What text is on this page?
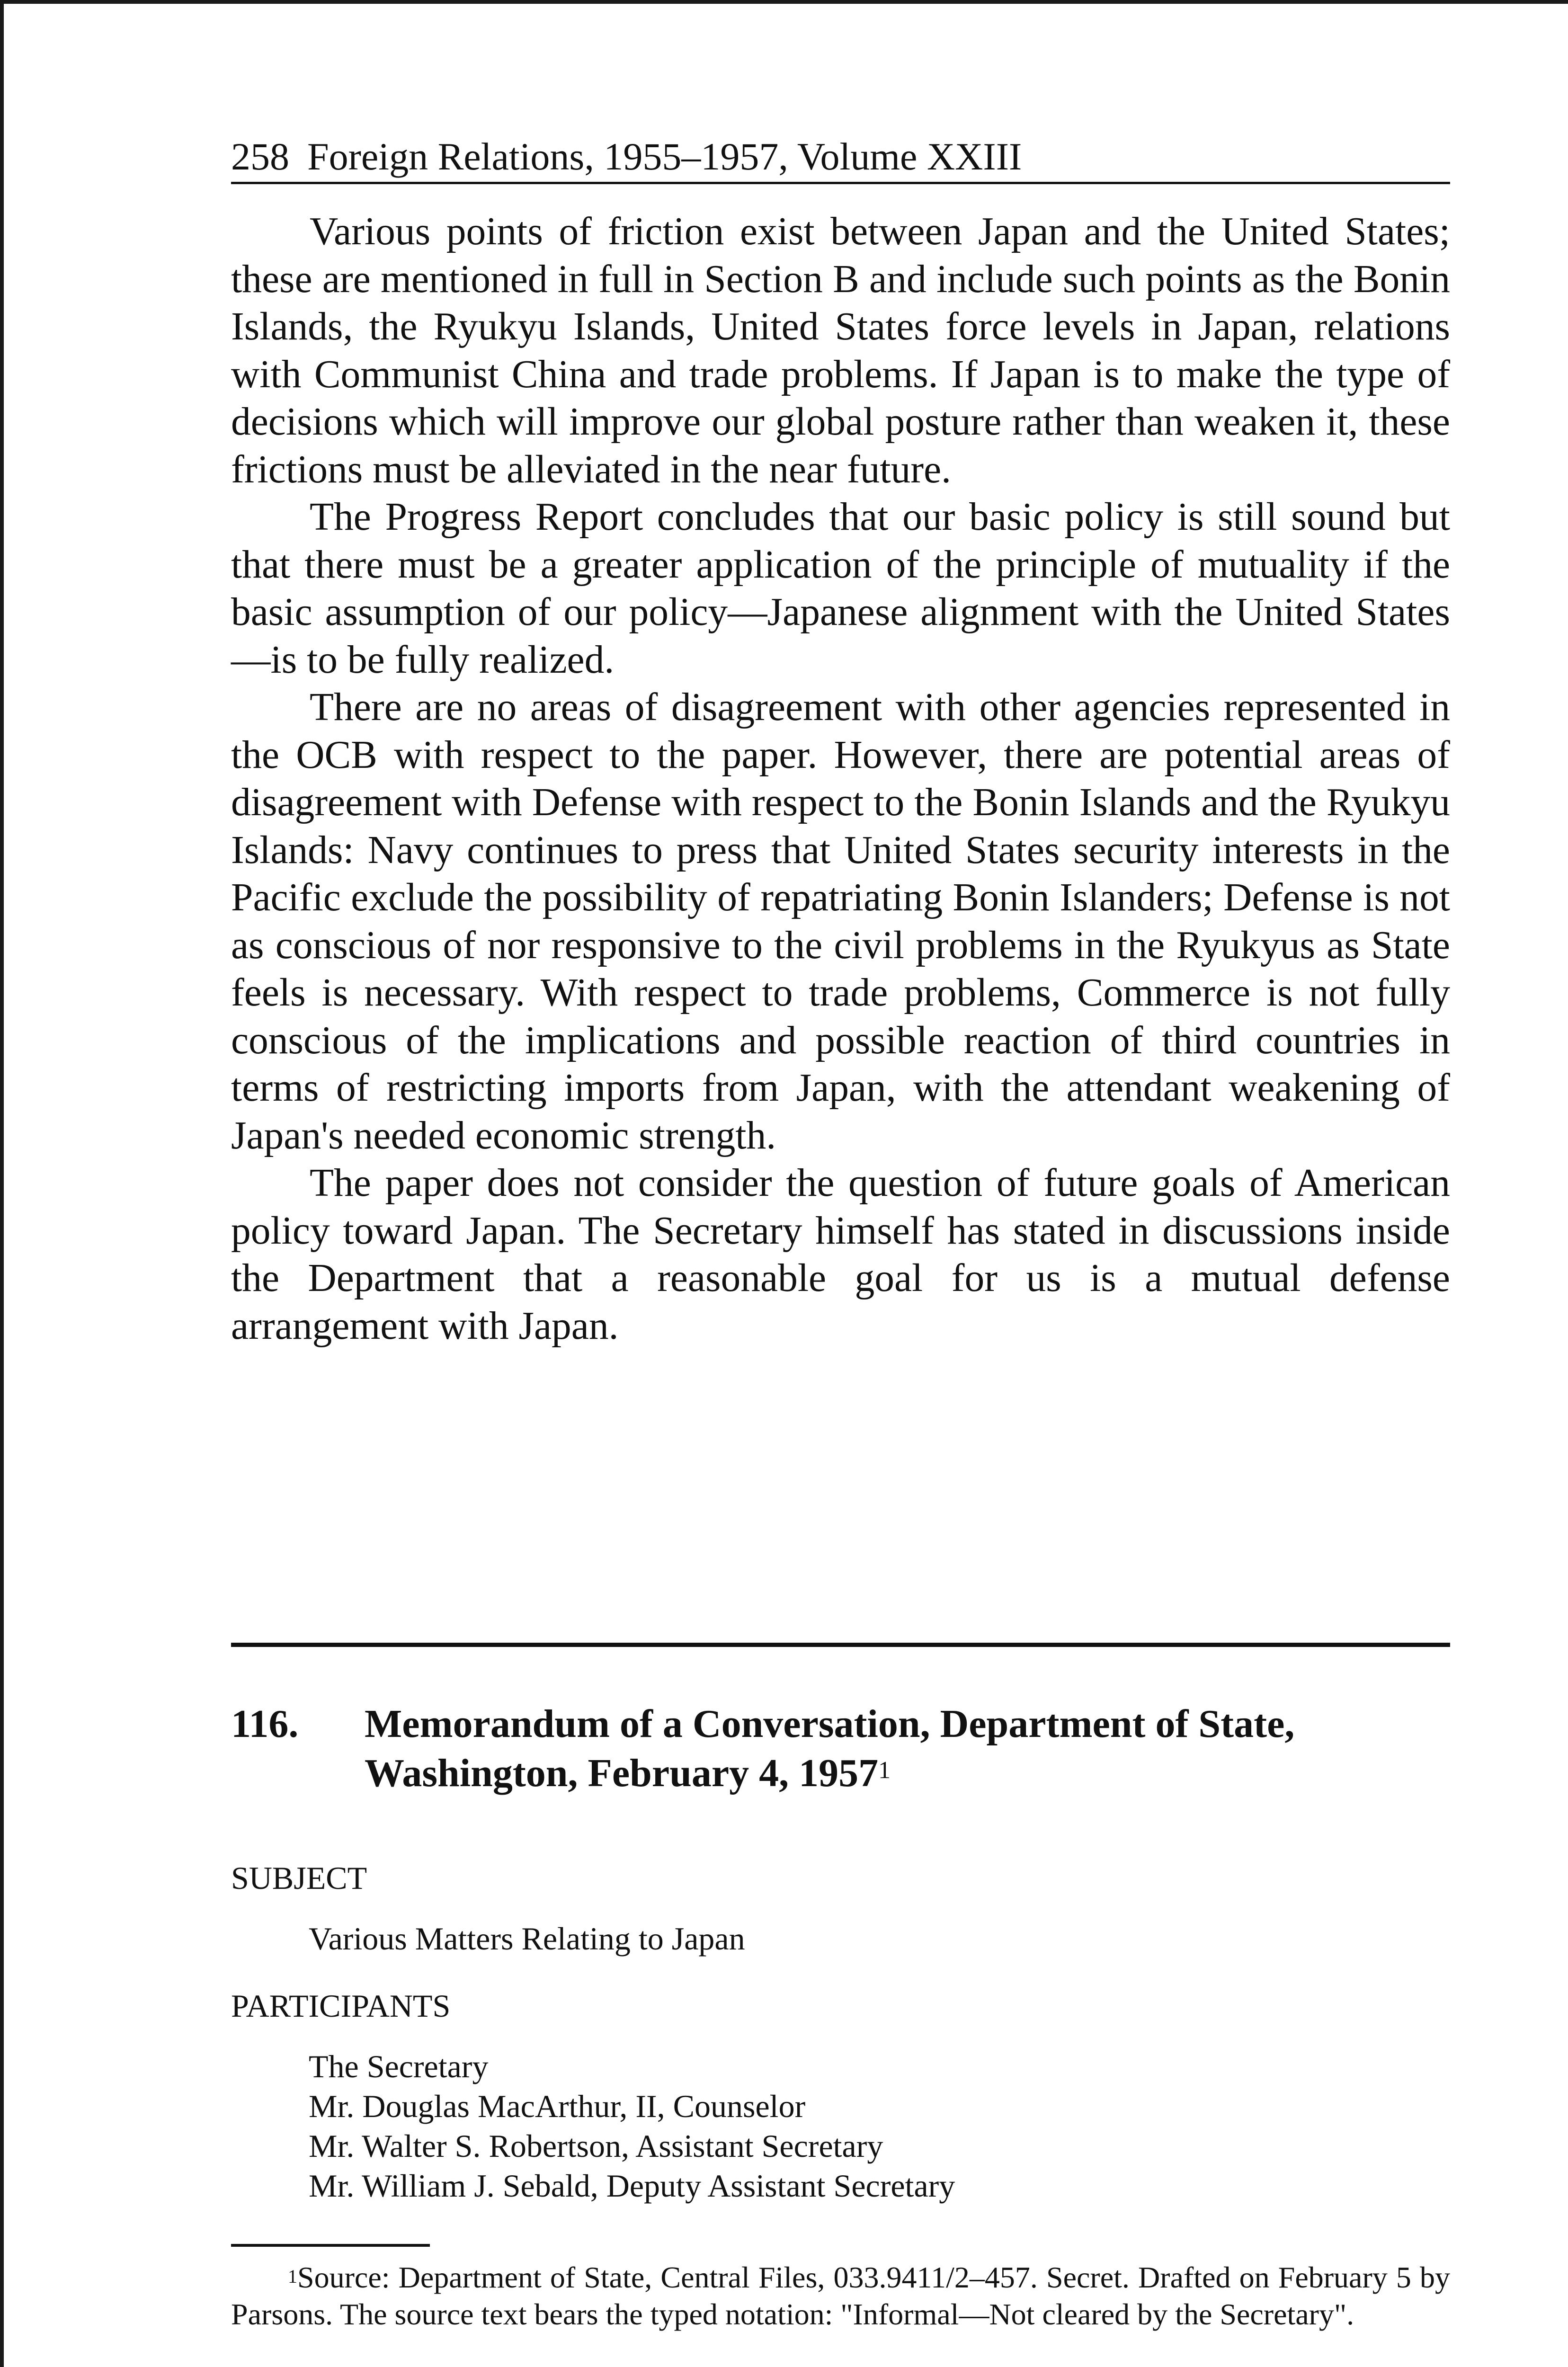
258 Foreign Relations, 1955–1957, Volume XXIII

Various points of friction exist between Japan and the United States; these are mentioned in full in Section B and include such points as the Bonin Islands, the Ryukyu Islands, United States force levels in Japan, relations with Communist China and trade problems. If Japan is to make the type of decisions which will improve our global posture rather than weaken it, these frictions must be alleviated in the near future.

The Progress Report concludes that our basic policy is still sound but that there must be a greater application of the principle of mutuality if the basic assumption of our policy—Japanese alignment with the United States—is to be fully realized.

There are no areas of disagreement with other agencies represented in the OCB with respect to the paper. However, there are potential areas of disagreement with Defense with respect to the Bonin Islands and the Ryukyu Islands: Navy continues to press that United States security interests in the Pacific exclude the possibility of repatriating Bonin Islanders; Defense is not as conscious of nor responsive to the civil problems in the Ryukyus as State feels is necessary. With respect to trade problems, Commerce is not fully conscious of the implications and possible reaction of third countries in terms of restricting imports from Japan, with the attendant weakening of Japan's needed economic strength.

The paper does not consider the question of future goals of American policy toward Japan. The Secretary himself has stated in discussions inside the Department that a reasonable goal for us is a mutual defense arrangement with Japan.

116. Memorandum of a Conversation, Department of State,
Washington, February 4, 1957$^1$

SUBJECT

Various Matters Relating to Japan

PARTICIPANTS

The Secretary

Mr. Douglas MacArthur, II, Counselor

Mr. Walter S. Robertson, Assistant Secretary

Mr. William J. Sebald, Deputy Assistant Secretary

$^1$Source: Department of State, Central Files, 033.9411/2–457. Secret. Drafted on February 5 by Parsons. The source text bears the typed notation: "Informal—Not cleared by the Secretary".
